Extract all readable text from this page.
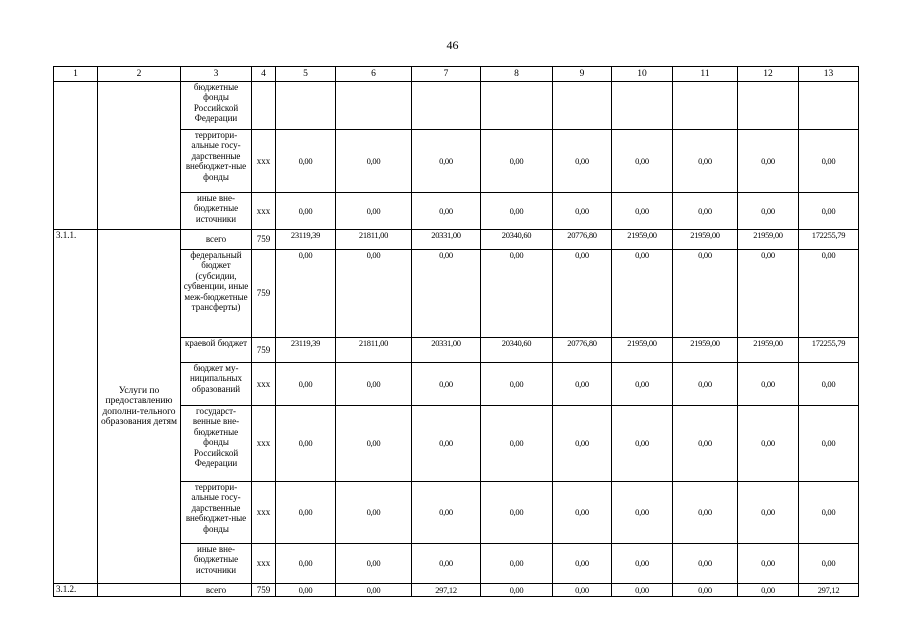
46
1	2	3	4	5	6	7	8	9	10	11	12	13
		бюджетные фонды Российской Федерации										
		территори-альные госу-дарственные внебюджет-ные фонды	ххх	0,00	0,00	0,00	0,00	0,00	0,00	0,00	0,00	0,00
		иные вне-бюджетные источники	ххх	0,00	0,00	0,00	0,00	0,00	0,00	0,00	0,00	0,00
3.1.1.	Услуги по предоставлению дополни-тельного образования детям	всего	759	23119,39	21811,00	20331,00	20340,60	20776,80	21959,00	21959,00	21959,00	172255,79
		федеральный бюджет (субсидии, субвенции, иные меж-бюджетные трансферты)	759	0,00	0,00	0,00	0,00	0,00	0,00	0,00	0,00	0,00
		краевой бюджет	759	23119,39	21811,00	20331,00	20340,60	20776,80	21959,00	21959,00	21959,00	172255,79
		бюджет му-ниципальных образований	ххх	0,00	0,00	0,00	0,00	0,00	0,00	0,00	0,00	0,00
		государст-венные вне-бюджетные фонды Российской Федерации	ххх	0,00	0,00	0,00	0,00	0,00	0,00	0,00	0,00	0,00
		территори-альные госу-дарственные внебюджет-ные фонды	ххх	0,00	0,00	0,00	0,00	0,00	0,00	0,00	0,00	0,00
		иные вне-бюджетные источники	ххх	0,00	0,00	0,00	0,00	0,00	0,00	0,00	0,00	0,00
3.1.2.		всего	759	0,00	0,00	297,12	0,00	0,00	0,00	0,00	0,00	297,12
